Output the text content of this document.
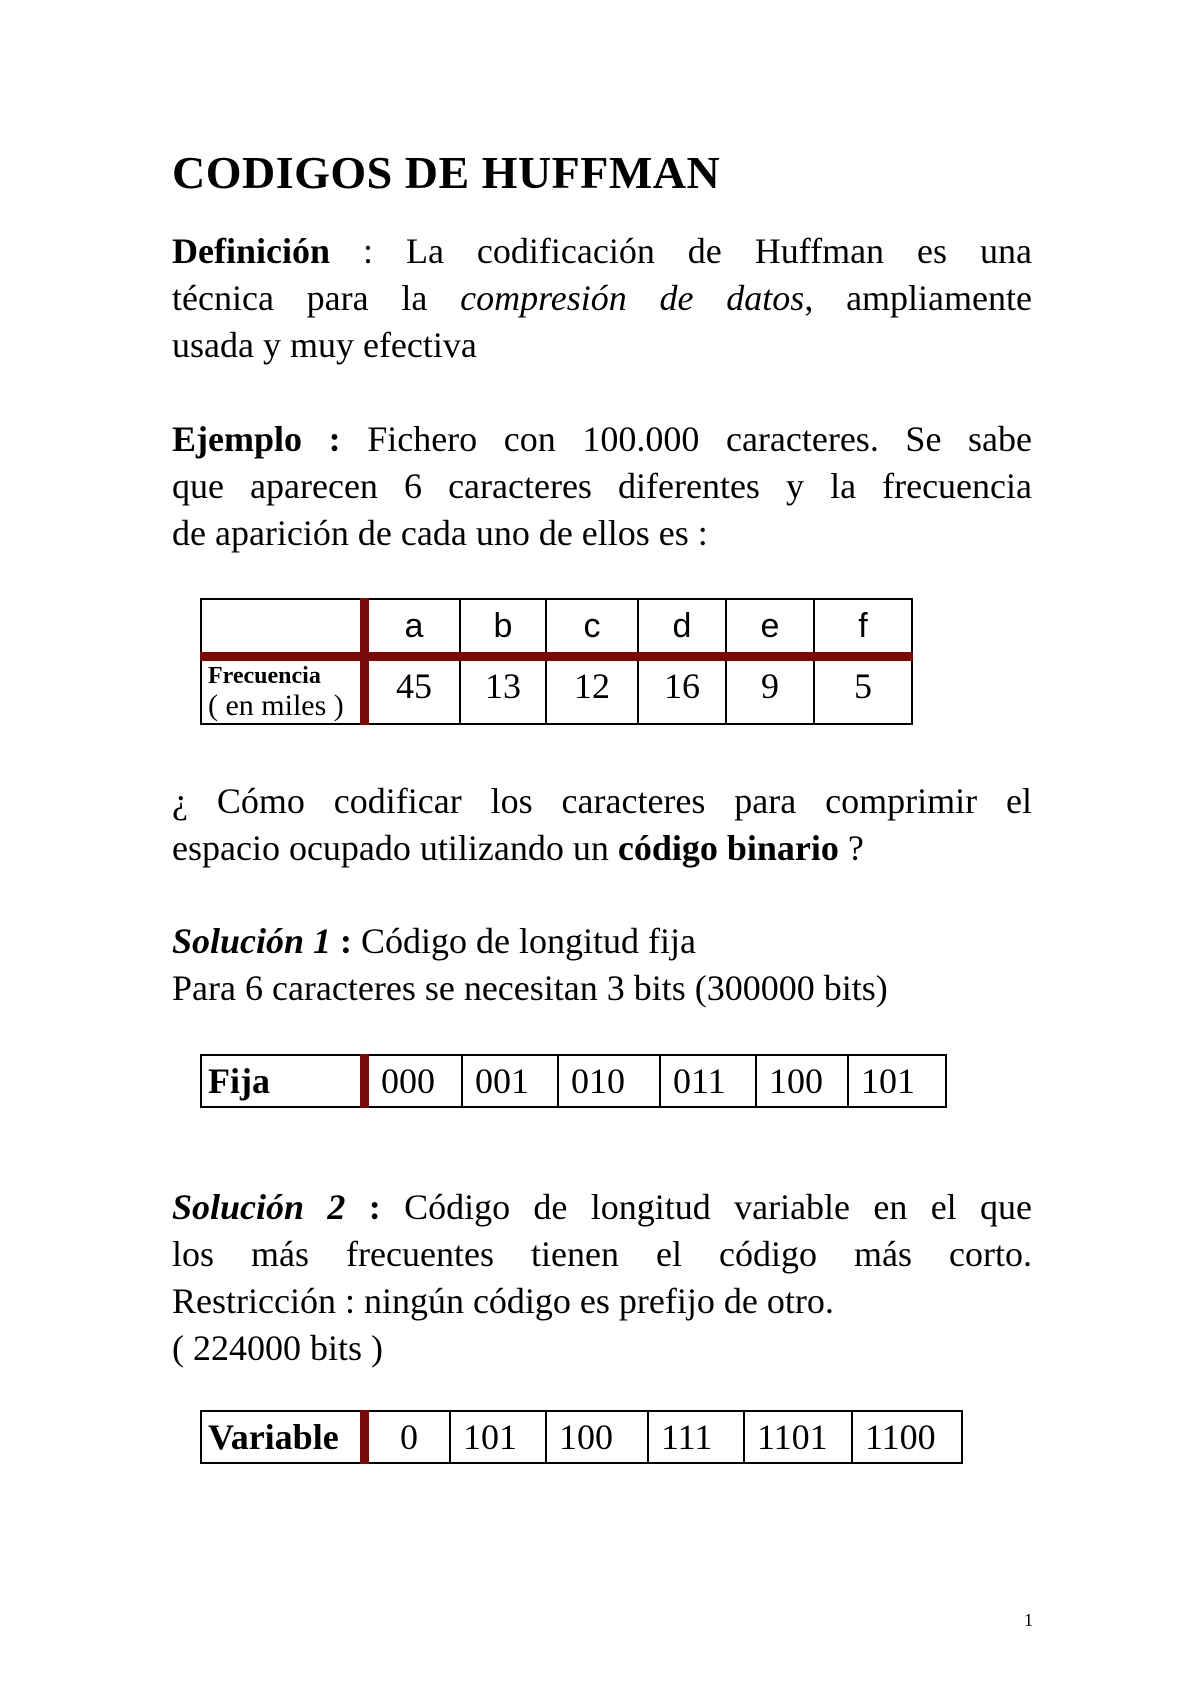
CODIGOS DE HUFFMAN
Definición : La codificación de Huffman es una
técnica para la compresión de datos, ampliamente
usada y muy efectiva
Ejemplo : Fichero con 100.000 caracteres. Se sabe
que aparecen 6 caracteres diferentes y la frecuencia
de aparición de cada uno de ellos es :
	a	b	c	d	e	f

Frecuencia
( en miles )	45	13	12	16	9	5
¿ Cómo codificar los caracteres para comprimir el
espacio ocupado utilizando un código binario ?
Solución 1 : Código de longitud fija
Para 6 caracteres se necesitan 3 bits (300000 bits)
Fija	000	001	010	011	100	101
Solución 2 : Código de longitud variable en el que
los más frecuentes tienen el código más corto.
Restricción : ningún código es prefijo de otro.
( 224000 bits )
Variable	0	101	100	111	1101	1100
1
